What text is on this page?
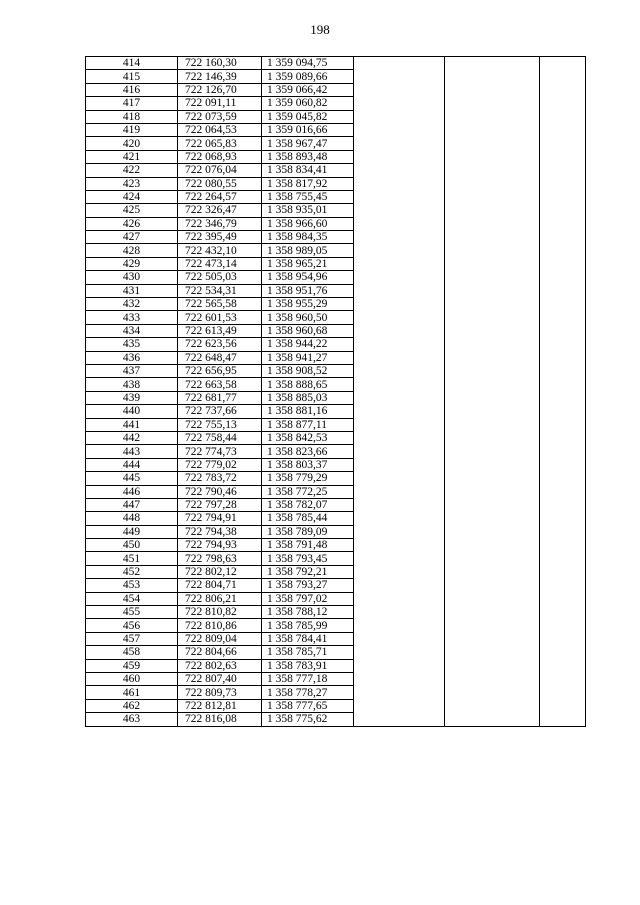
198
414	722 160,30	1 359 094,75			
415	722 146,39	1 359 089,66			
416	722 126,70	1 359 066,42			
417	722 091,11	1 359 060,82			
418	722 073,59	1 359 045,82			
419	722 064,53	1 359 016,66			
420	722 065,83	1 358 967,47			
421	722 068,93	1 358 893,48			
422	722 076,04	1 358 834,41			
423	722 080,55	1 358 817,92			
424	722 264,57	1 358 755,45			
425	722 326,47	1 358 935,01			
426	722 346,79	1 358 966,60			
427	722 395,49	1 358 984,35			
428	722 432,10	1 358 989,05			
429	722 473,14	1 358 965,21			
430	722 505,03	1 358 954,96			
431	722 534,31	1 358 951,76			
432	722 565,58	1 358 955,29			
433	722 601,53	1 358 960,50			
434	722 613,49	1 358 960,68			
435	722 623,56	1 358 944,22			
436	722 648,47	1 358 941,27			
437	722 656,95	1 358 908,52			
438	722 663,58	1 358 888,65			
439	722 681,77	1 358 885,03			
440	722 737,66	1 358 881,16			
441	722 755,13	1 358 877,11			
442	722 758,44	1 358 842,53			
443	722 774,73	1 358 823,66			
444	722 779,02	1 358 803,37			
445	722 783,72	1 358 779,29			
446	722 790,46	1 358 772,25			
447	722 797,28	1 358 782,07			
448	722 794,91	1 358 785,44			
449	722 794,38	1 358 789,09			
450	722 794,93	1 358 791,48			
451	722 798,63	1 358 793,45			
452	722 802,12	1 358 792,21			
453	722 804,71	1 358 793,27			
454	722 806,21	1 358 797,02			
455	722 810,82	1 358 788,12			
456	722 810,86	1 358 785,99			
457	722 809,04	1 358 784,41			
458	722 804,66	1 358 785,71			
459	722 802,63	1 358 783,91			
460	722 807,40	1 358 777,18			
461	722 809,73	1 358 778,27			
462	722 812,81	1 358 777,65			
463	722 816,08	1 358 775,62			
